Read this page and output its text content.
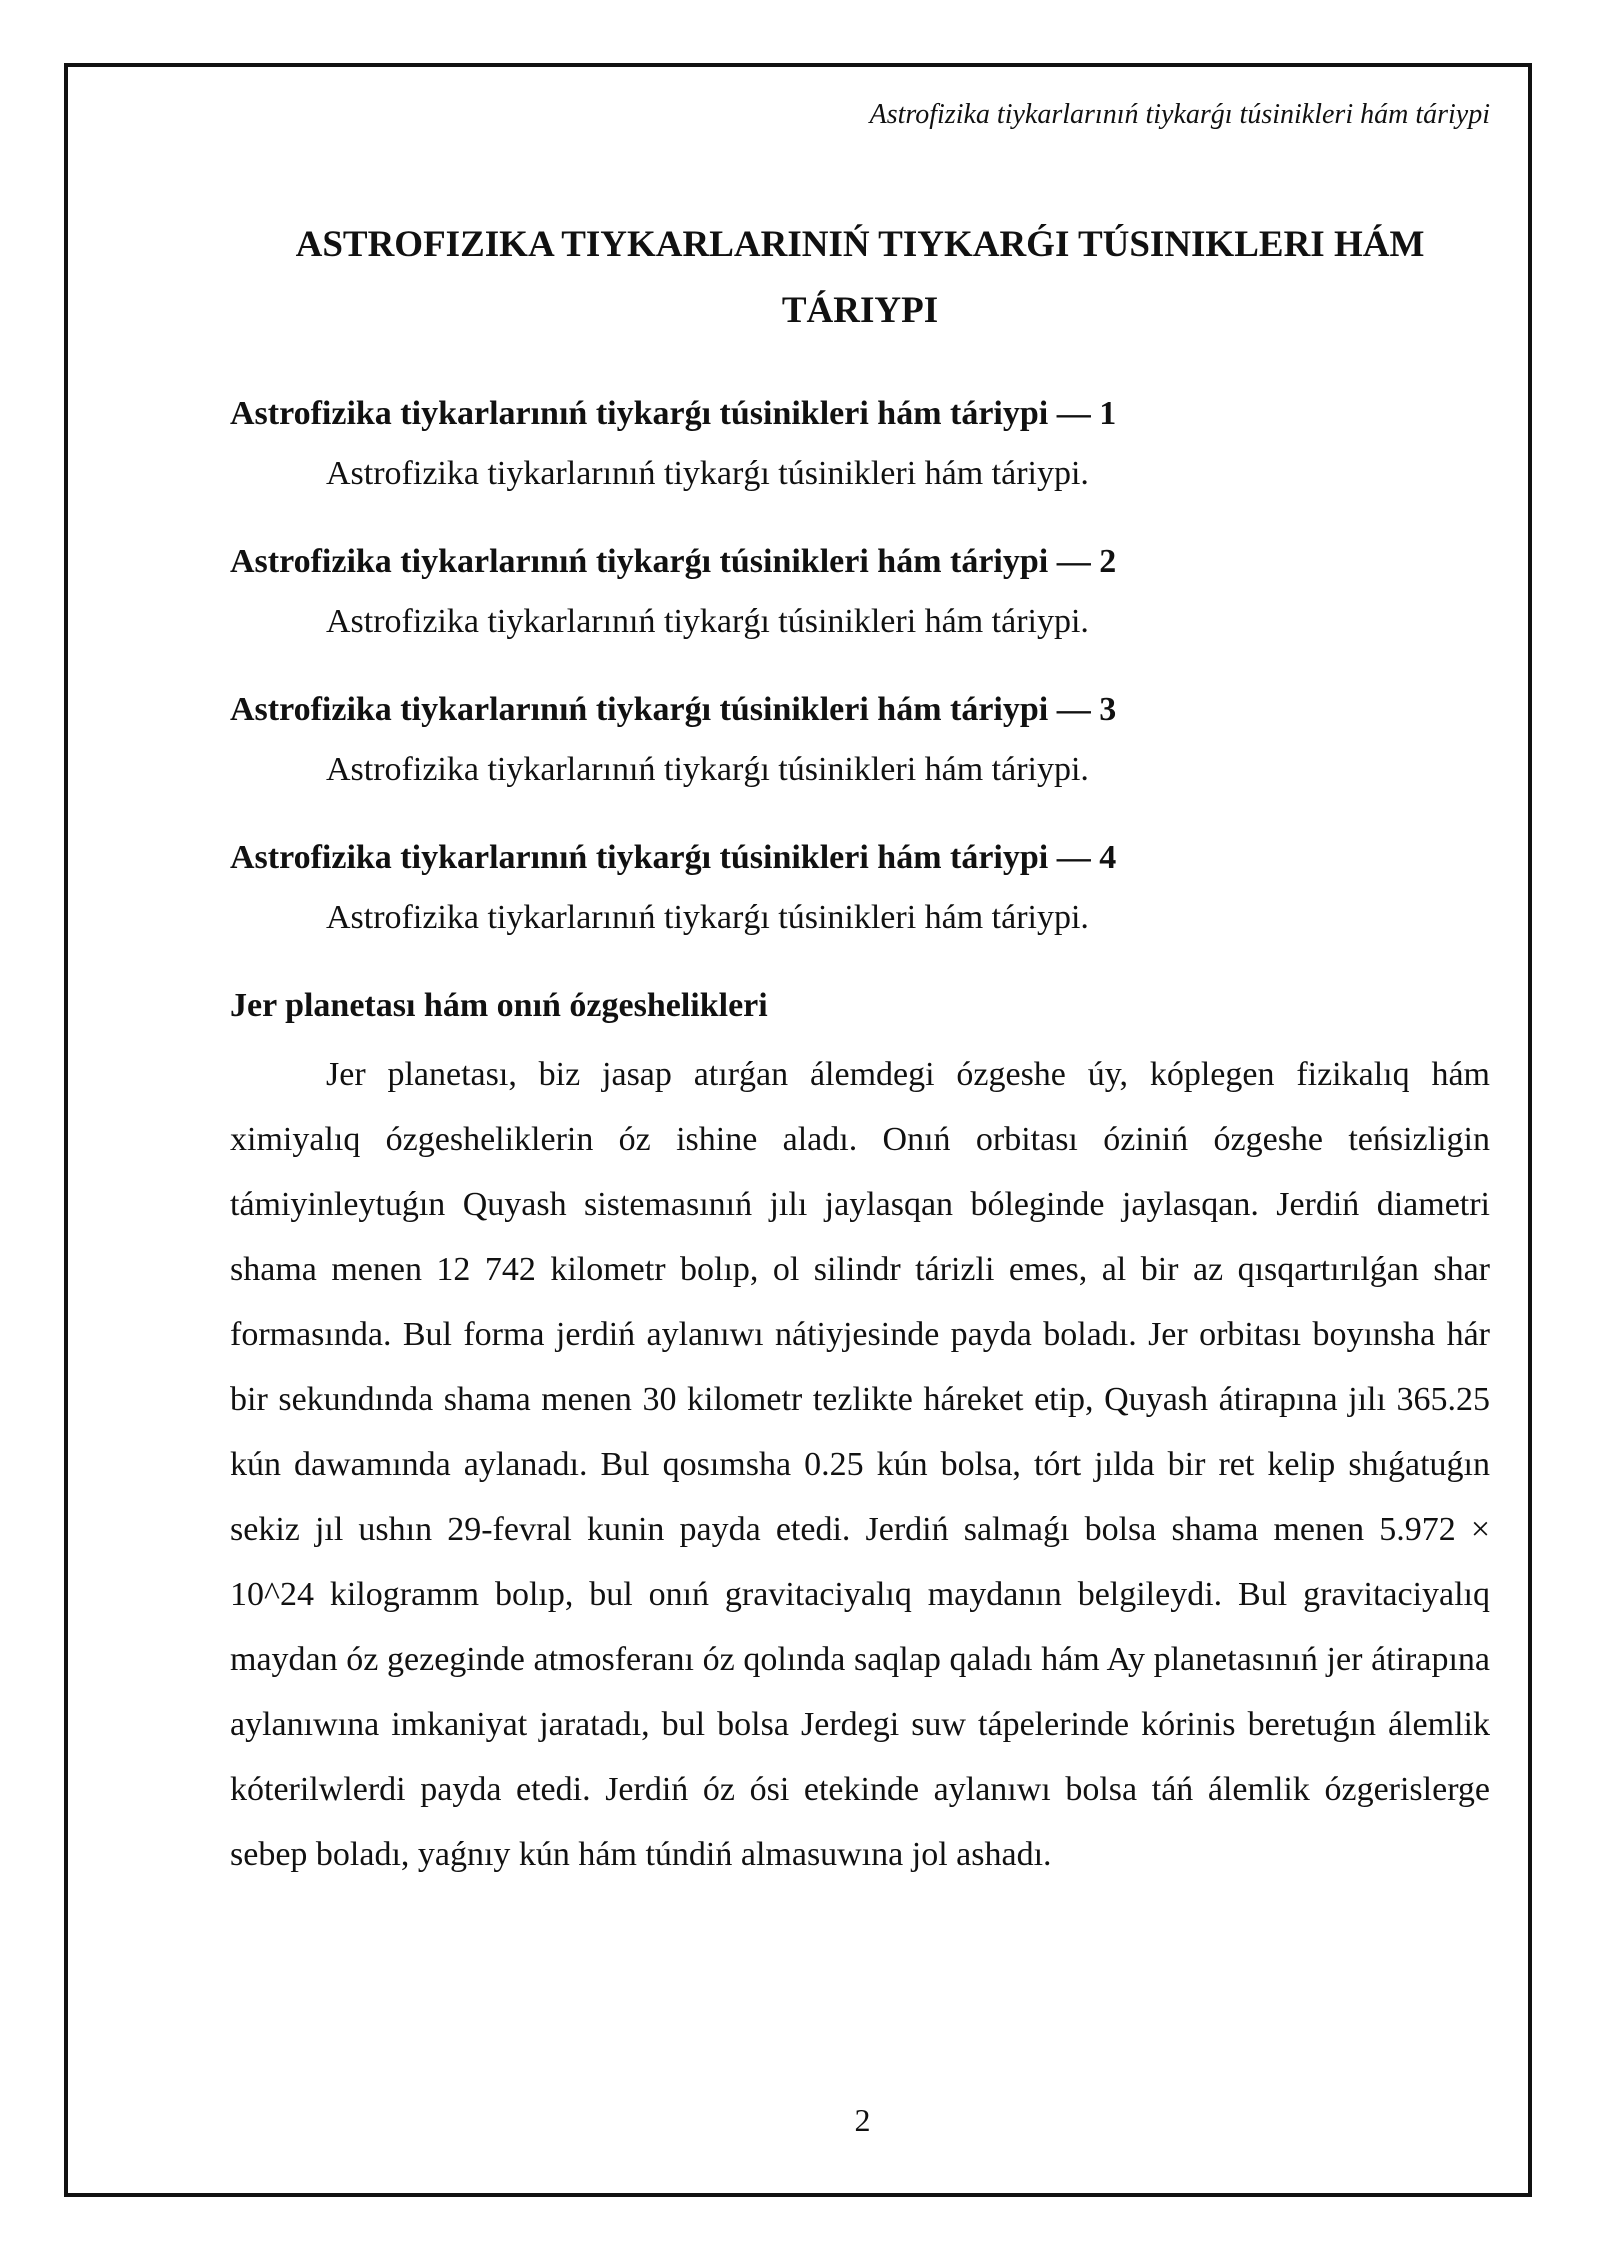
Astrofizika tiykarlarınıń tiykarǵı túsinikleri hám táriypi
ASTROFIZIKA TIYKARLARINIŃ TIYKARǴI TÚSINIKLERI HÁM
TÁRIYPI

Astrofizika tiykarlarınıń tiykarǵı túsinikleri hám táriypi — 1

Astrofizika tiykarlarınıń tiykarǵı túsinikleri hám táriypi.

Astrofizika tiykarlarınıń tiykarǵı túsinikleri hám táriypi — 2

Astrofizika tiykarlarınıń tiykarǵı túsinikleri hám táriypi.

Astrofizika tiykarlarınıń tiykarǵı túsinikleri hám táriypi — 3

Astrofizika tiykarlarınıń tiykarǵı túsinikleri hám táriypi.

Astrofizika tiykarlarınıń tiykarǵı túsinikleri hám táriypi — 4

Astrofizika tiykarlarınıń tiykarǵı túsinikleri hám táriypi.

Jer planetası hám onıń ózgeshelikleri

Jer planetası, biz jasap atırǵan álemdegi ózgeshe úy, kóplegen fizikalıq hám ximiyalıq ózgesheliklerin óz ishine aladı. Onıń orbitası óziniń ózgeshe teńsizligin támiyinleytuǵın Quyash sistemasınıń jılı jaylasqan bóleginde jaylasqan. Jerdiń diametri shama menen 12 742 kilometr bolıp, ol silindr tárizli emes, al bir az qısqartırılǵan shar formasında. Bul forma jerdiń aylanıwı nátiyjesinde payda boladı. Jer orbitası boyınsha hár bir sekundında shama menen 30 kilometr tezlikte háreket etip, Quyash átirapına jılı 365.25 kún dawamında aylanadı. Bul qosımsha 0.25 kún bolsa, tórt jılda bir ret kelip shıǵatuǵın sekiz jıl ushın 29-fevral kunin payda etedi. Jerdiń salmaǵı bolsa shama menen 5.972 × 10^24 kilogramm bolıp, bul onıń gravitaciyalıq maydanın belgileydi. Bul gravitaciyalıq maydan óz gezeginde atmosferanı óz qolında saqlap qaladı hám Ay planetasınıń jer átirapına aylanıwına imkaniyat jaratadı, bul bolsa Jerdegi suw tápelerinde kórinis beretuǵın álemlik kóterilwlerdi payda etedi. Jerdiń óz ósi etekinde aylanıwı bolsa táń álemlik ózgerislerge sebep boladı, yaǵnıy kún hám túndiń almasuwına jol ashadı.

2
